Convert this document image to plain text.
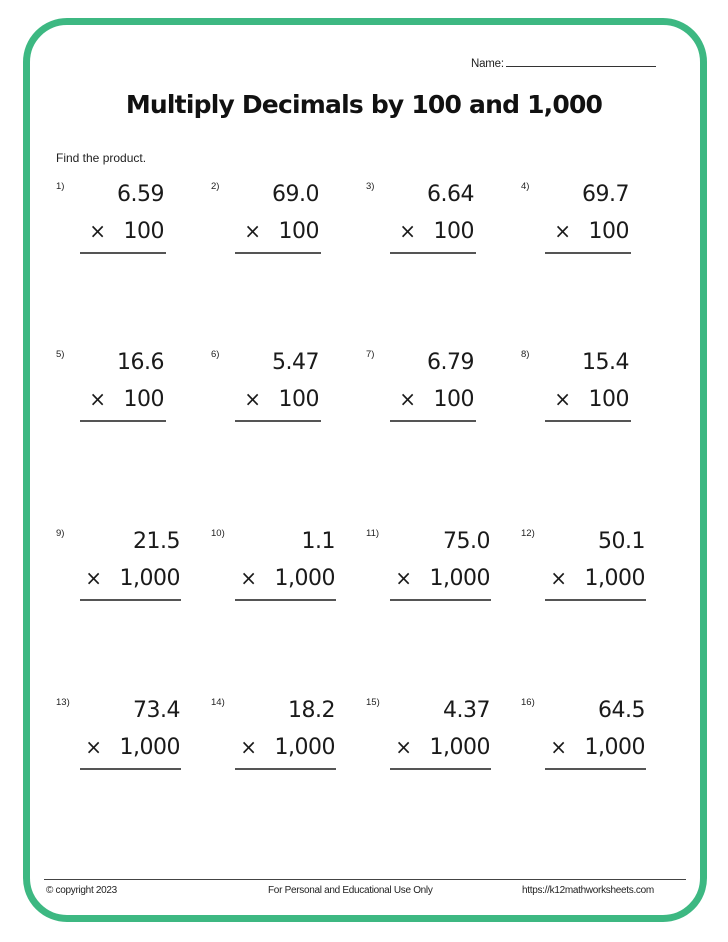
Name:
Multiply Decimals by 100 and 1,000
Find the product.
1) 6.59
× 100
2) 69.0
× 100
3) 6.64
× 100
4) 69.7
× 100
5) 16.6
× 100
6) 5.47
× 100
7) 6.79
× 100
8) 15.4
× 100
9)	21.5
× 1,000
10)	1.1
× 1,000
11)	75.0
× 1,000
12)	50.1
× 1,000
13)	73.4
× 1,000
14)	18.2
× 1,000
15)	4.37
× 1,000
16)	64.5
× 1,000
© copyright 2023	For Personal and Educational Use Only	https://k12mathworksheets.com
